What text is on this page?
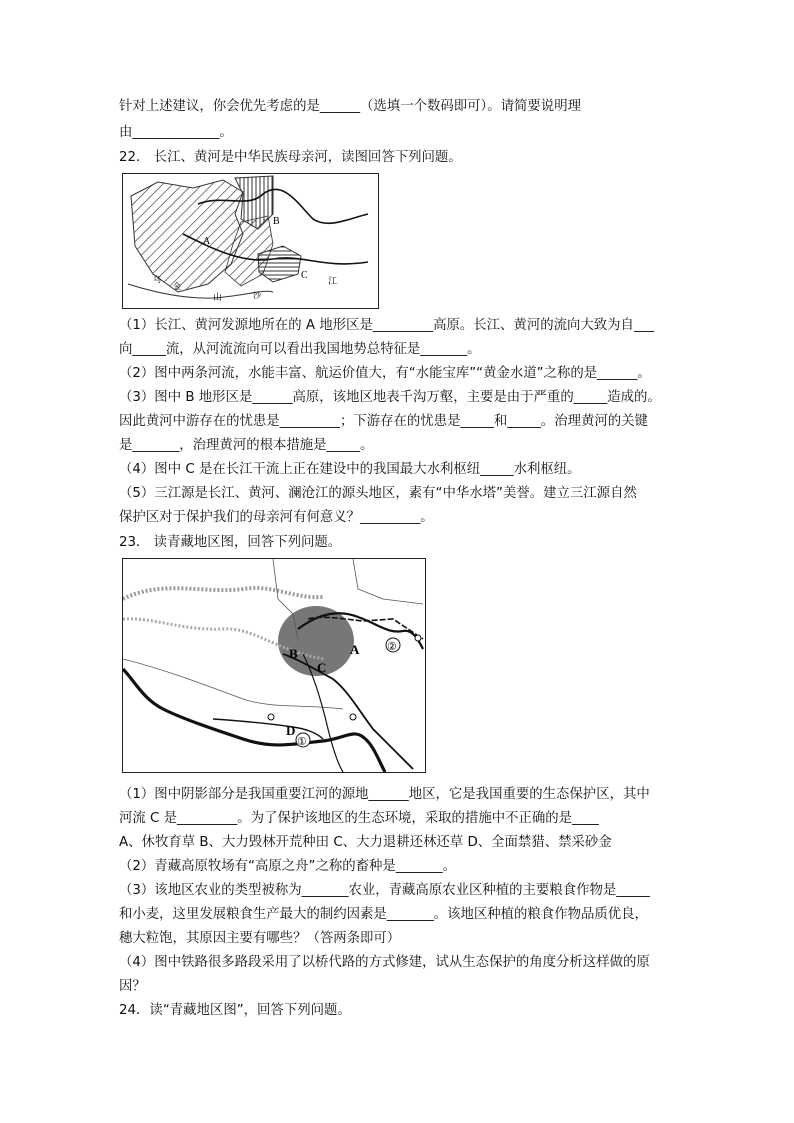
针对上述建议，你会优先考虑的是______（选填一个数码即可）。请简要说明理
由_____________。
22． 长江、黄河是中华民族母亲河，读图回答下列问题。
B
A
C 江
山
乌
金
沙
（1）长江、黄河发源地所在的 A 地形区是_________高原。长江、黄河的流向大致为自___
向_____流，从河流流向可以看出我国地势总特征是_______。
（2）图中两条河流，水能丰富、航运价值大，有“水能宝库”“黄金水道”之称的是______。
（3）图中 B 地形区是______高原，该地区地表千沟万壑，主要是由于严重的_____造成的。
因此黄河中游存在的忧患是_________；下游存在的忧患是_____和_____。治理黄河的关键
是_______，治理黄河的根本措施是_____。
（4）图中 C 是在长江干流上正在建设中的我国最大水利枢纽_____水利枢纽。
（5）三江源是长江、黄河、澜沧江的源头地区，素有“中华水塔”美誉。建立三江源自然
保护区对于保护我们的母亲河有何意义？_________。
23． 读青藏地区图，回答下列问题。
②
①
B	A
C
D
（1）图中阴影部分是我国重要江河的源地______地区，它是我国重要的生态保护区，其中
河流 C 是_________。为了保护该地区的生态环境，采取的措施中不正确的是____
A、休牧育草 B、大力毁林开荒种田 C、大力退耕还林还草 D、全面禁猎、禁采砂金
（2）青藏高原牧场有“高原之舟”之称的畜种是_______。
（3）该地区农业的类型被称为_______农业，青藏高原农业区种植的主要粮食作物是_____
和小麦，这里发展粮食生产最大的制约因素是_______。该地区种植的粮食作物品质优良，
穗大粒饱，其原因主要有哪些？（答两条即可）
（4）图中铁路很多路段采用了以桥代路的方式修建，试从生态保护的角度分析这样做的原
因？
24．读“青藏地区图”，回答下列问题。
